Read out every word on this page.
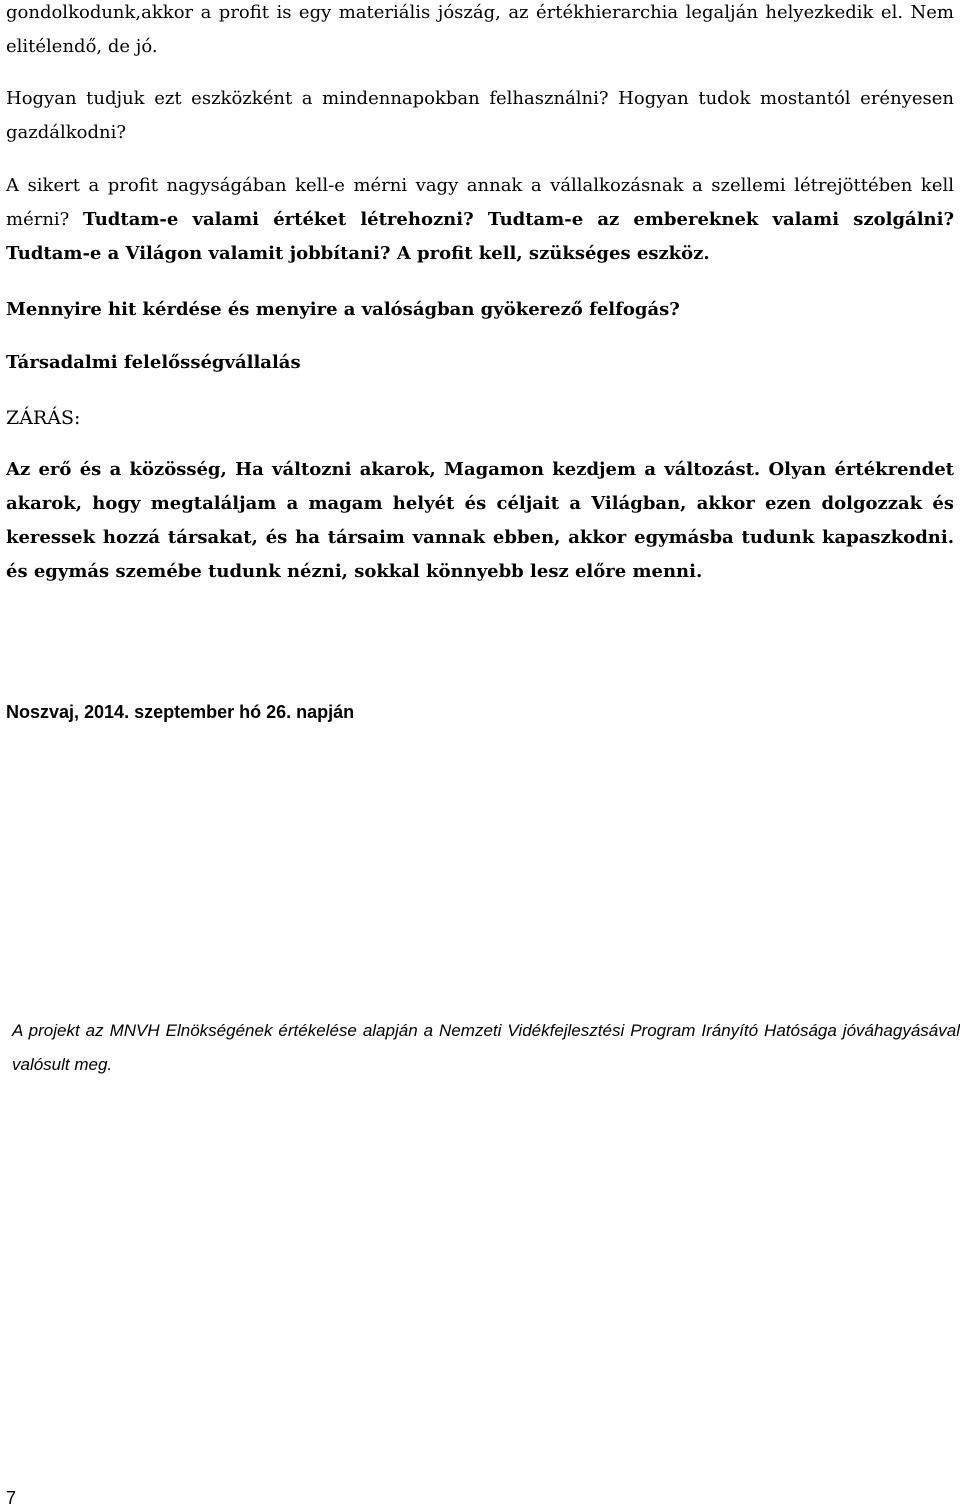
gondolkodunk,akkor a profit is egy materiális jószág, az értékhierarchia legalján helyezkedik el. Nem elitélendő, de jó.

Hogyan tudjuk ezt eszközként a mindennapokban felhasználni? Hogyan tudok mostantól erényesen gazdálkodni?

A sikert a profit nagyságában kell-e mérni vagy annak a vállalkozásnak a szellemi létrejöttében kell mérni? Tudtam-e valami értéket létrehozni? Tudtam-e az embereknek valami szolgálni? Tudtam-e a Világon valamit jobbítani? A profit kell, szükséges eszköz.

Mennyire hit kérdése és menyire a valóságban gyökerező felfogás?

Társadalmi felelősségvállalás

ZÁRÁS:

Az erő és a közösség, Ha változni akarok, Magamon kezdjem a változást. Olyan értékrendet akarok, hogy megtaláljam a magam helyét és céljait a Világban, akkor ezen dolgozzak és keressek hozzá társakat, és ha társaim vannak ebben, akkor egymásba tudunk kapaszkodni. és egymás szemébe tudunk nézni, sokkal könnyebb lesz előre menni.

Noszvaj, 2014. szeptember hó 26. napján

A projekt az MNVH Elnökségének értékelése alapján a Nemzeti Vidékfejlesztési Program Irányító Hatósága jóváhagyásával valósult meg.

7
